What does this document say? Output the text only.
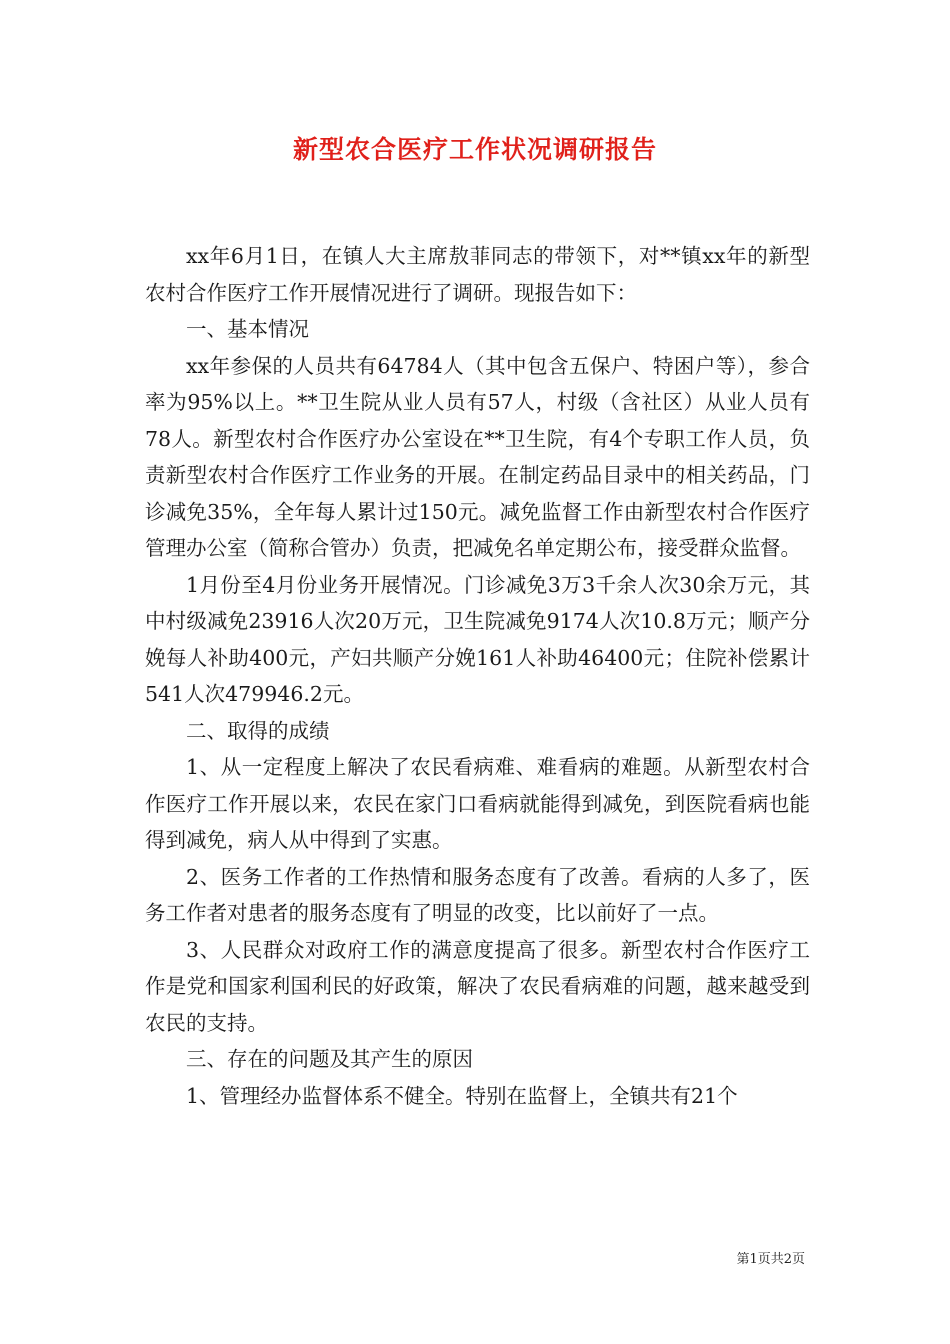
新型农合医疗工作状况调研报告

xx年6月1日，在镇人大主席敖菲同志的带领下，对**镇xx年的新型农村合作医疗工作开展情况进行了调研。现报告如下：

一、基本情况

xx年参保的人员共有64784人（其中包含五保户、特困户等），参合率为95%以上。**卫生院从业人员有57人，村级（含社区）从业人员有78人。新型农村合作医疗办公室设在**卫生院，有4个专职工作人员，负责新型农村合作医疗工作业务的开展。在制定药品目录中的相关药品，门诊减免35%，全年每人累计过150元。减免监督工作由新型农村合作医疗管理办公室（简称合管办）负责，把减免名单定期公布，接受群众监督。

1月份至4月份业务开展情况。门诊减免3万3千余人次30余万元，其中村级减免23916人次20万元，卫生院减免9174人次10.8万元；顺产分娩每人补助400元，产妇共顺产分娩161人补助46400元；住院补偿累计541人次479946.2元。

二、取得的成绩

1、从一定程度上解决了农民看病难、难看病的难题。从新型农村合作医疗工作开展以来，农民在家门口看病就能得到减免，到医院看病也能得到减免，病人从中得到了实惠。

2、医务工作者的工作热情和服务态度有了改善。看病的人多了，医务工作者对患者的服务态度有了明显的改变，比以前好了一点。

3、人民群众对政府工作的满意度提高了很多。新型农村合作医疗工作是党和国家利国利民的好政策，解决了农民看病难的问题，越来越受到农民的支持。

三、存在的问题及其产生的原因

1、管理经办监督体系不健全。特别在监督上，全镇共有21个

第1页共2页
